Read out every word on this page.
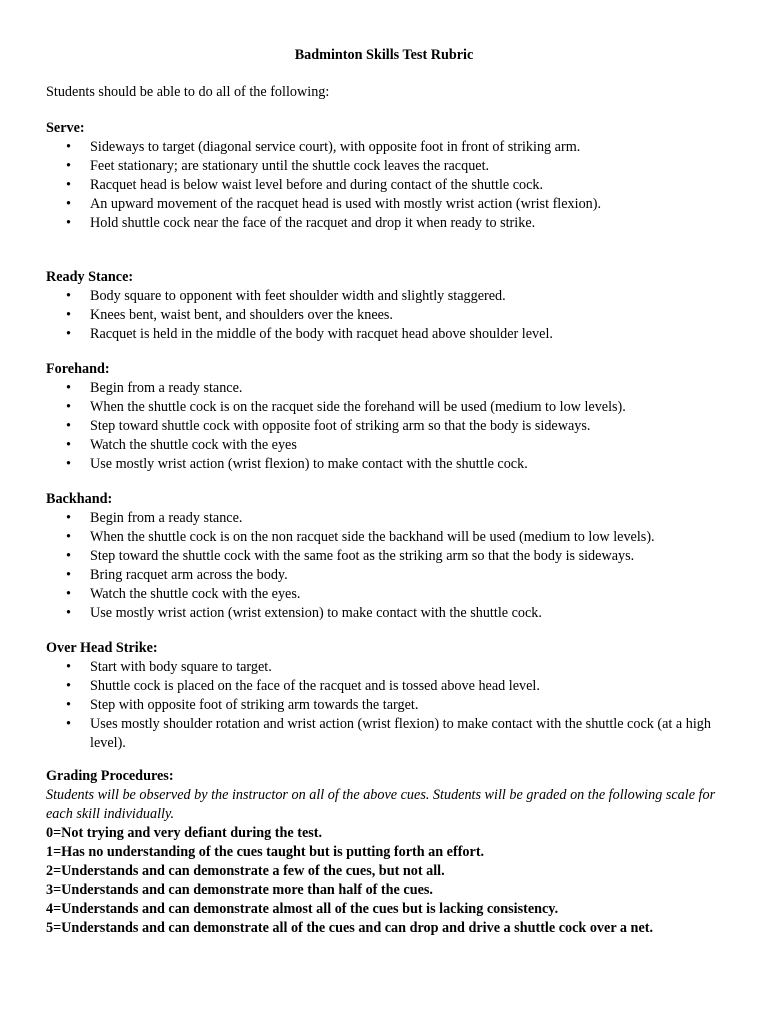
Badminton Skills Test Rubric
Students should be able to do all of the following:
Serve:
• Sideways to target (diagonal service court), with opposite foot in front of striking arm.
• Feet stationary; are stationary until the shuttle cock leaves the racquet.
• Racquet head is below waist level before and during contact of the shuttle cock.
• An upward movement of the racquet head is used with mostly wrist action (wrist flexion).
• Hold shuttle cock near the face of the racquet and drop it when ready to strike.
Ready Stance:
• Body square to opponent with feet shoulder width and slightly staggered.
• Knees bent, waist bent, and shoulders over the knees.
• Racquet is held in the middle of the body with racquet head above shoulder level.
Forehand:
• Begin from a ready stance.
• When the shuttle cock is on the racquet side the forehand will be used (medium to low levels).
• Step toward shuttle cock with opposite foot of striking arm so that the body is sideways.
• Watch the shuttle cock with the eyes
• Use mostly wrist action (wrist flexion) to make contact with the shuttle cock.
Backhand:
• Begin from a ready stance.
• When the shuttle cock is on the non racquet side the backhand will be used (medium to low levels).
• Step toward the shuttle cock with the same foot as the striking arm so that the body is sideways.
• Bring racquet arm across the body.
• Watch the shuttle cock with the eyes.
• Use mostly wrist action (wrist extension) to make contact with the shuttle cock.
Over Head Strike:
• Start with body square to target.
• Shuttle cock is placed on the face of the racquet and is tossed above head level.
• Step with opposite foot of striking arm towards the target.
• Uses mostly shoulder rotation and wrist action (wrist flexion) to make contact with the shuttle cock (at a high level).
Grading Procedures:
Students will be observed by the instructor on all of the above cues. Students will be graded on the following scale for each skill individually.
0=Not trying and very defiant during the test.
1=Has no understanding of the cues taught but is putting forth an effort.
2=Understands and can demonstrate a few of the cues, but not all.
3=Understands and can demonstrate more than half of the cues.
4=Understands and can demonstrate almost all of the cues but is lacking consistency.
5=Understands and can demonstrate all of the cues and can drop and drive a shuttle cock over a net.
